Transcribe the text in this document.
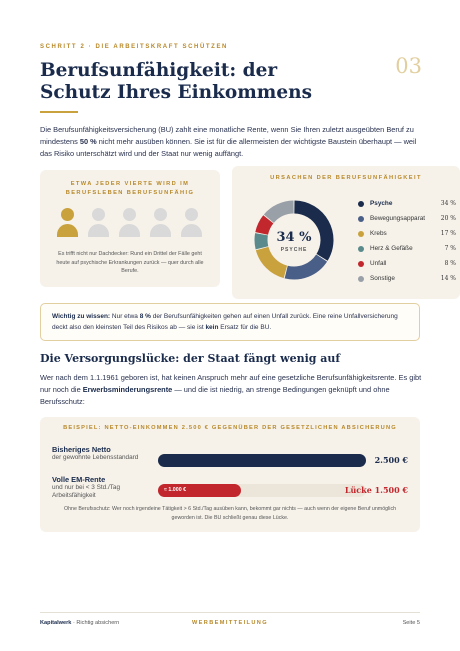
SCHRITT 2 · DIE ARBEITSKRAFT SCHÜTZEN
03
Berufsunfähigkeit: der Schutz Ihres Einkommens

Die Berufsunfähigkeitsversicherung (BU) zahlt eine monatliche Rente, wenn Sie Ihren zuletzt ausgeübten Beruf zu mindestens 50 % nicht mehr ausüben können. Sie ist für die allermeisten der wichtigste Baustein überhaupt — weil das Risiko unterschätzt wird und der Staat nur wenig auffängt.

ETWA JEDER VIERTE WIRD IM BERUFSLEBEN BERUFSUNFÄHIG
Es trifft nicht nur Dachdecker: Rund ein Drittel der Fälle geht heute auf psychische Erkrankungen zurück — quer durch alle Berufe.
URSACHEN DER BERUFSUNFÄHIGKEIT
34 %
PSYCHE
Psyche	34 %
Bewegungsapparat	20 %
Krebs	17 %
Herz & Gefäße	7 %
Unfall	8 %
Sonstige	14 %
Wichtig zu wissen: Nur etwa 8 % der Berufsunfähigkeiten gehen auf einen Unfall zurück. Eine reine Unfallversicherung deckt also den kleinsten Teil des Risikos ab — sie ist kein Ersatz für die BU.
Die Versorgungslücke: der Staat fängt wenig auf

Wer nach dem 1.1.1961 geboren ist, hat keinen Anspruch mehr auf eine gesetzliche Berufsunfähigkeitsrente. Es gibt nur noch die Erwerbsminderungsrente — und die ist niedrig, an strenge Bedingungen geknüpft und ohne Berufsschutz:

BEISPIEL: NETTO-EINKOMMEN 2.500 € GEGENÜBER DER GESETZLICHEN ABSICHERUNG
Bisheriges Netto
der gewohnte Lebensstandard	2.500 €
Volle EM-Rente
und nur bei < 3 Std./Tag Arbeitsfähigkeit
≈ 1.000 €	Lücke 1.500 €
Ohne Berufsschutz: Wer noch irgendeine Tätigkeit > 6 Std./Tag ausüben kann, bekommt gar nichts — auch wenn der eigene Beruf unmöglich geworden ist. Die BU schließt genau diese Lücke.
Kapitalwerk · Richtig absichern	WERBEMITTEILUNG	Seite 5
